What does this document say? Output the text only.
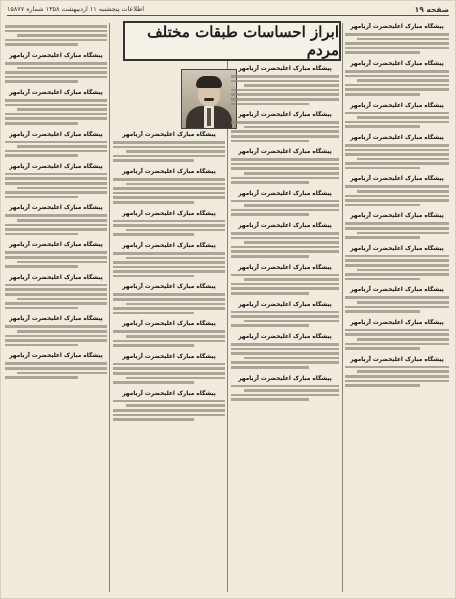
صفحه ۱۹
اطلاعات پنجشنبه ۱۱ اردیبهشت ۱۳۵۸ شماره ۱۵۸۷۷
ابراز احساسات طبقات مختلف مردم
پیشگاه مبارک اعلیحضرت آریامهر
پیشگاه مبارک اعلیحضرت آریامهر
پیشگاه مبارک اعلیحضرت آریامهر
پیشگاه مبارک اعلیحضرت آریامهر
پیشگاه مبارک اعلیحضرت آریامهر
پیشگاه مبارک اعلیحضرت آریامهر
پیشگاه مبارک اعلیحضرت آریامهر
پیشگاه مبارک اعلیحضرت آریامهر
پیشگاه مبارک اعلیحضرت آریامهر
پیشگاه مبارک اعلیحضرت آریامهر
پیشگاه مبارک اعلیحضرت آریامهر
پیشگاه مبارک اعلیحضرت آریامهر
پیشگاه مبارک اعلیحضرت آریامهر
پیشگاه مبارک اعلیحضرت آریامهر
پیشگاه مبارک اعلیحضرت آریامهر
پیشگاه مبارک اعلیحضرت آریامهر
پیشگاه مبارک اعلیحضرت آریامهر
پیشگاه مبارک اعلیحضرت آریامهر
پیشگاه مبارک اعلیحضرت آریامهر
پیشگاه مبارک اعلیحضرت آریامهر
پیشگاه مبارک اعلیحضرت آریامهر
پیشگاه مبارک اعلیحضرت آریامهر
پیشگاه مبارک اعلیحضرت آریامهر
پیشگاه مبارک اعلیحضرت آریامهر
پیشگاه مبارک اعلیحضرت آریامهر
پیشگاه مبارک اعلیحضرت آریامهر
پیشگاه مبارک اعلیحضرت آریامهر
پیشگاه مبارک اعلیحضرت آریامهر
پیشگاه مبارک اعلیحضرت آریامهر
پیشگاه مبارک اعلیحضرت آریامهر
پیشگاه مبارک اعلیحضرت آریامهر
پیشگاه مبارک اعلیحضرت آریامهر
پیشگاه مبارک اعلیحضرت آریامهر
پیشگاه مبارک اعلیحضرت آریامهر
پیشگاه مبارک اعلیحضرت آریامهر
پیشگاه مبارک اعلیحضرت آریامهر
